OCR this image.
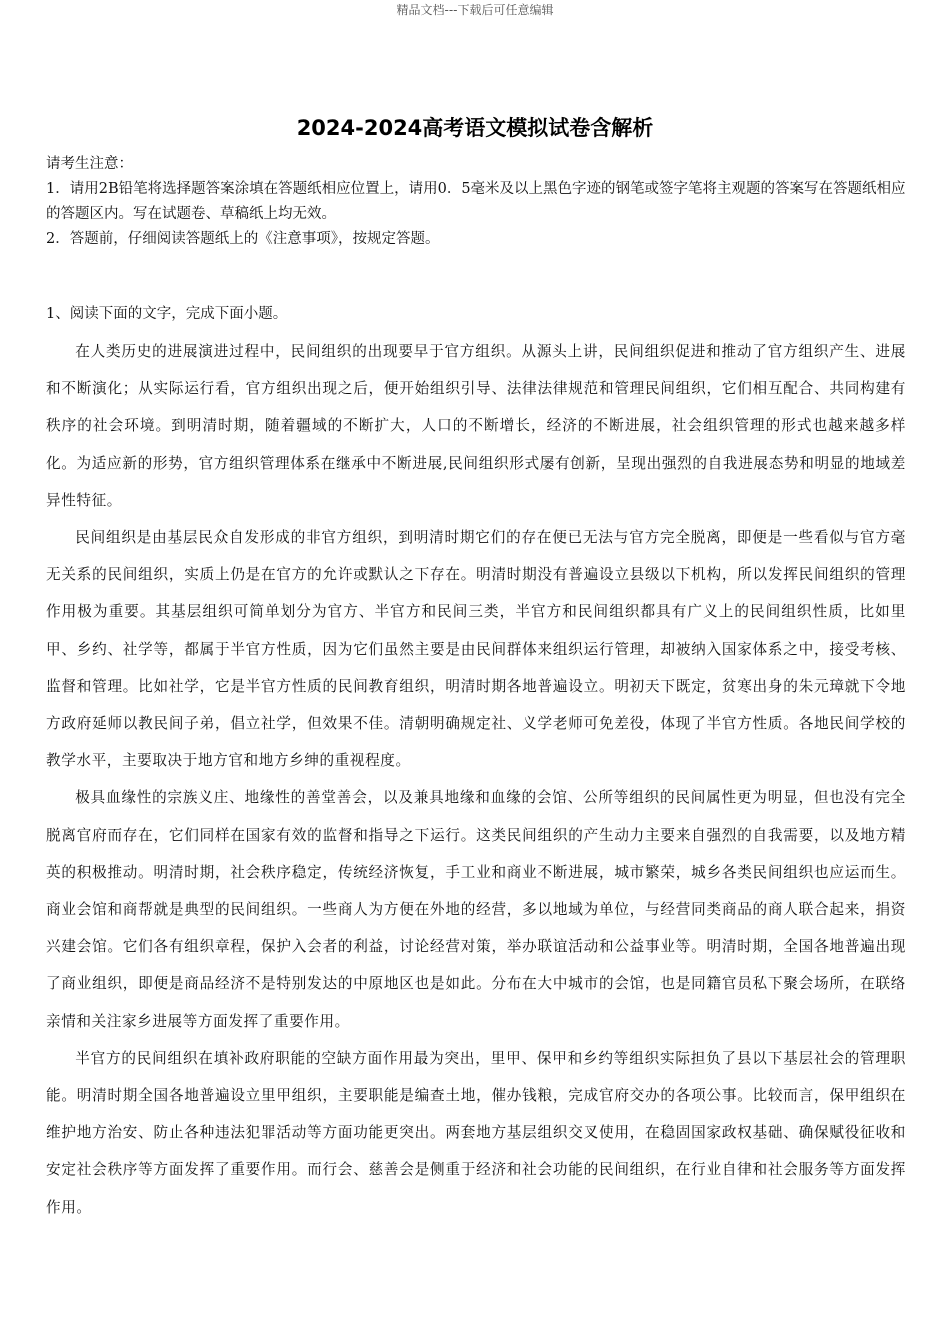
精品文档---下载后可任意编辑
2024-2024高考语文模拟试卷含解析

请考生注意：

1．请用2B铅笔将选择题答案涂填在答题纸相应位置上，请用0．5毫米及以上黑色字迹的钢笔或签字笔将主观题的答案写在答题纸相应的答题区内。写在试题卷、草稿纸上均无效。

2．答题前，仔细阅读答题纸上的《注意事项》，按规定答题。

1、阅读下面的文字，完成下面小题。

在人类历史的进展演进过程中，民间组织的出现要早于官方组织。从源头上讲，民间组织促进和推动了官方组织产生、进展和不断演化；从实际运行看，官方组织出现之后，便开始组织引导、法律法律规范和管理民间组织，它们相互配合、共同构建有秩序的社会环境。到明清时期，随着疆域的不断扩大，人口的不断增长，经济的不断进展，社会组织管理的形式也越来越多样化。为适应新的形势，官方组织管理体系在继承中不断进展,民间组织形式屡有创新，呈现出强烈的自我进展态势和明显的地域差异性特征。

民间组织是由基层民众自发形成的非官方组织，到明清时期它们的存在便已无法与官方完全脱离，即便是一些看似与官方毫无关系的民间组织，实质上仍是在官方的允许或默认之下存在。明清时期没有普遍设立县级以下机构，所以发挥民间组织的管理作用极为重要。其基层组织可简单划分为官方、半官方和民间三类，半官方和民间组织都具有广义上的民间组织性质，比如里甲、乡约、社学等，都属于半官方性质，因为它们虽然主要是由民间群体来组织运行管理，却被纳入国家体系之中，接受考核、监督和管理。比如社学，它是半官方性质的民间教育组织，明清时期各地普遍设立。明初天下既定，贫寒出身的朱元璋就下令地方政府延师以教民间子弟，倡立社学，但效果不佳。清朝明确规定社、义学老师可免差役，体现了半官方性质。各地民间学校的教学水平，主要取决于地方官和地方乡绅的重视程度。

极具血缘性的宗族义庄、地缘性的善堂善会，以及兼具地缘和血缘的会馆、公所等组织的民间属性更为明显，但也没有完全脱离官府而存在，它们同样在国家有效的监督和指导之下运行。这类民间组织的产生动力主要来自强烈的自我需要，以及地方精英的积极推动。明清时期，社会秩序稳定，传统经济恢复，手工业和商业不断进展，城市繁荣，城乡各类民间组织也应运而生。商业会馆和商帮就是典型的民间组织。一些商人为方便在外地的经营，多以地域为单位，与经营同类商品的商人联合起来，捐资兴建会馆。它们各有组织章程，保护入会者的利益，讨论经营对策，举办联谊活动和公益事业等。明清时期，全国各地普遍出现了商业组织，即便是商品经济不是特别发达的中原地区也是如此。分布在大中城市的会馆，也是同籍官员私下聚会场所，在联络亲情和关注家乡进展等方面发挥了重要作用。

半官方的民间组织在填补政府职能的空缺方面作用最为突出，里甲、保甲和乡约等组织实际担负了县以下基层社会的管理职能。明清时期全国各地普遍设立里甲组织，主要职能是编查土地，催办钱粮，完成官府交办的各项公事。比较而言，保甲组织在维护地方治安、防止各种违法犯罪活动等方面功能更突出。两套地方基层组织交叉使用，在稳固国家政权基础、确保赋役征收和安定社会秩序等方面发挥了重要作用。而行会、慈善会是侧重于经济和社会功能的民间组织，在行业自律和社会服务等方面发挥作用。
